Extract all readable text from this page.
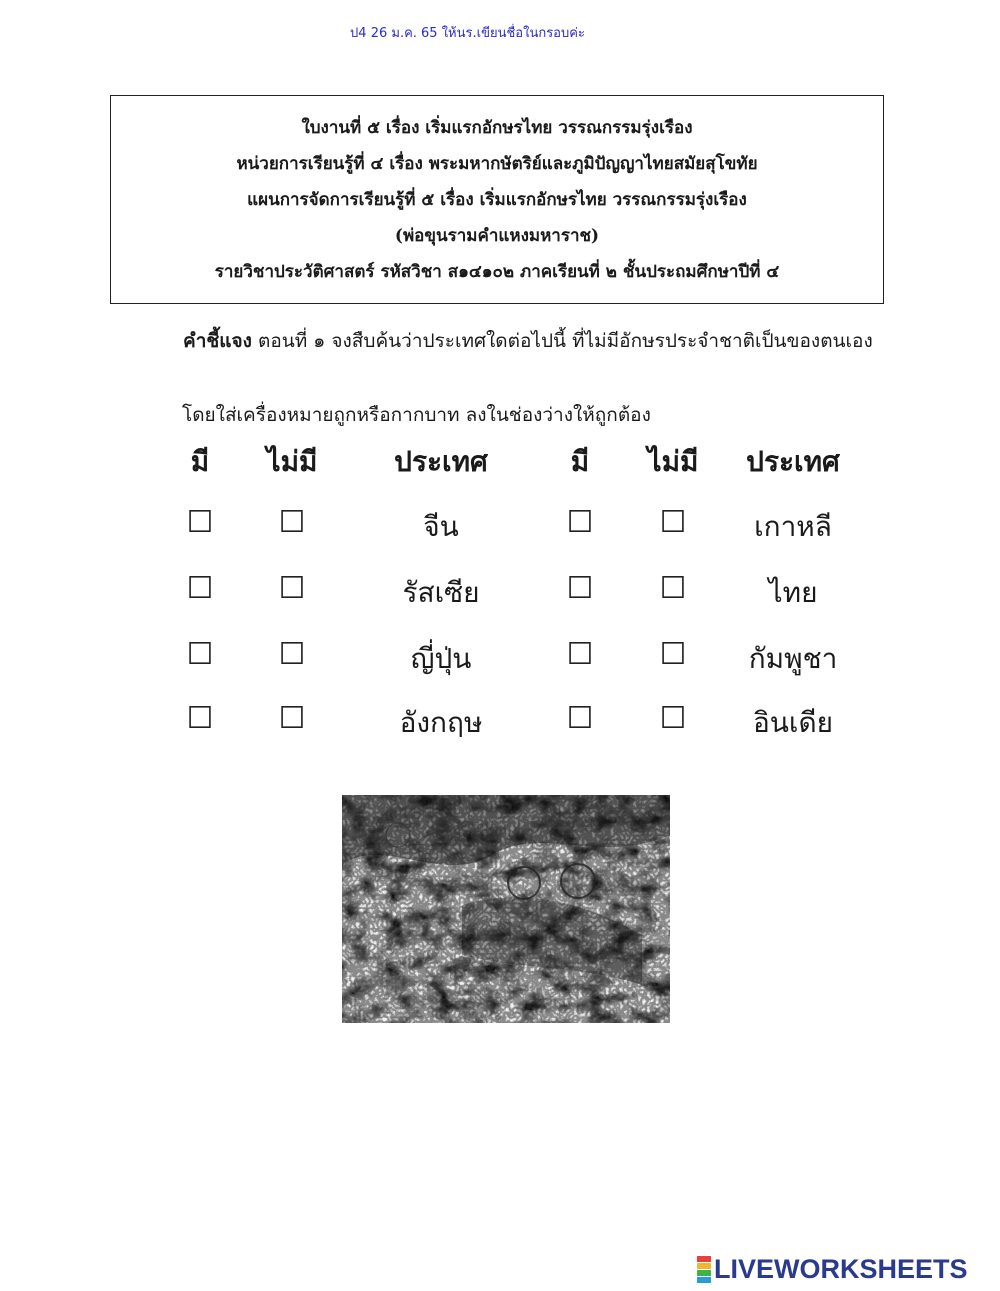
ป4 26 ม.ค. 65 ให้นร.เขียนชื่อในกรอบค่ะ
ใบงานที่ ๕ เรื่อง เริ่มแรกอักษรไทย วรรณกรรมรุ่งเรือง
หน่วยการเรียนรู้ที่ ๔ เรื่อง พระมหากษัตริย์และภูมิปัญญาไทยสมัยสุโขทัย
แผนการจัดการเรียนรู้ที่ ๕ เรื่อง เริ่มแรกอักษรไทย วรรณกรรมรุ่งเรือง
(พ่อขุนรามคำแหงมหาราช)
รายวิชาประวัติศาสตร์ รหัสวิชา ส๑๔๑๐๒ ภาคเรียนที่ ๒ ชั้นประถมศึกษาปีที่ ๔
คำชี้แจง ตอนที่ ๑ จงสืบค้นว่าประเทศใดต่อไปนี้ ที่ไม่มีอักษรประจำชาติเป็นของตนเอง
โดยใส่เครื่องหมายถูกหรือกากบาท ลงในช่องว่างให้ถูกต้อง
มี ไม่มี	ประเทศ	มี ไม่มี ประเทศ
☐ ☐	จีน	☐ ☐ เกาหลี
☐ ☐	รัสเซีย	☐ ☐	ไทย
☐ ☐	ญี่ปุ่น	☐ ☐ กัมพูชา
☐ ☐	อังกฤษ	☐ ☐ อินเดีย
LIVEWORKSHEETS
